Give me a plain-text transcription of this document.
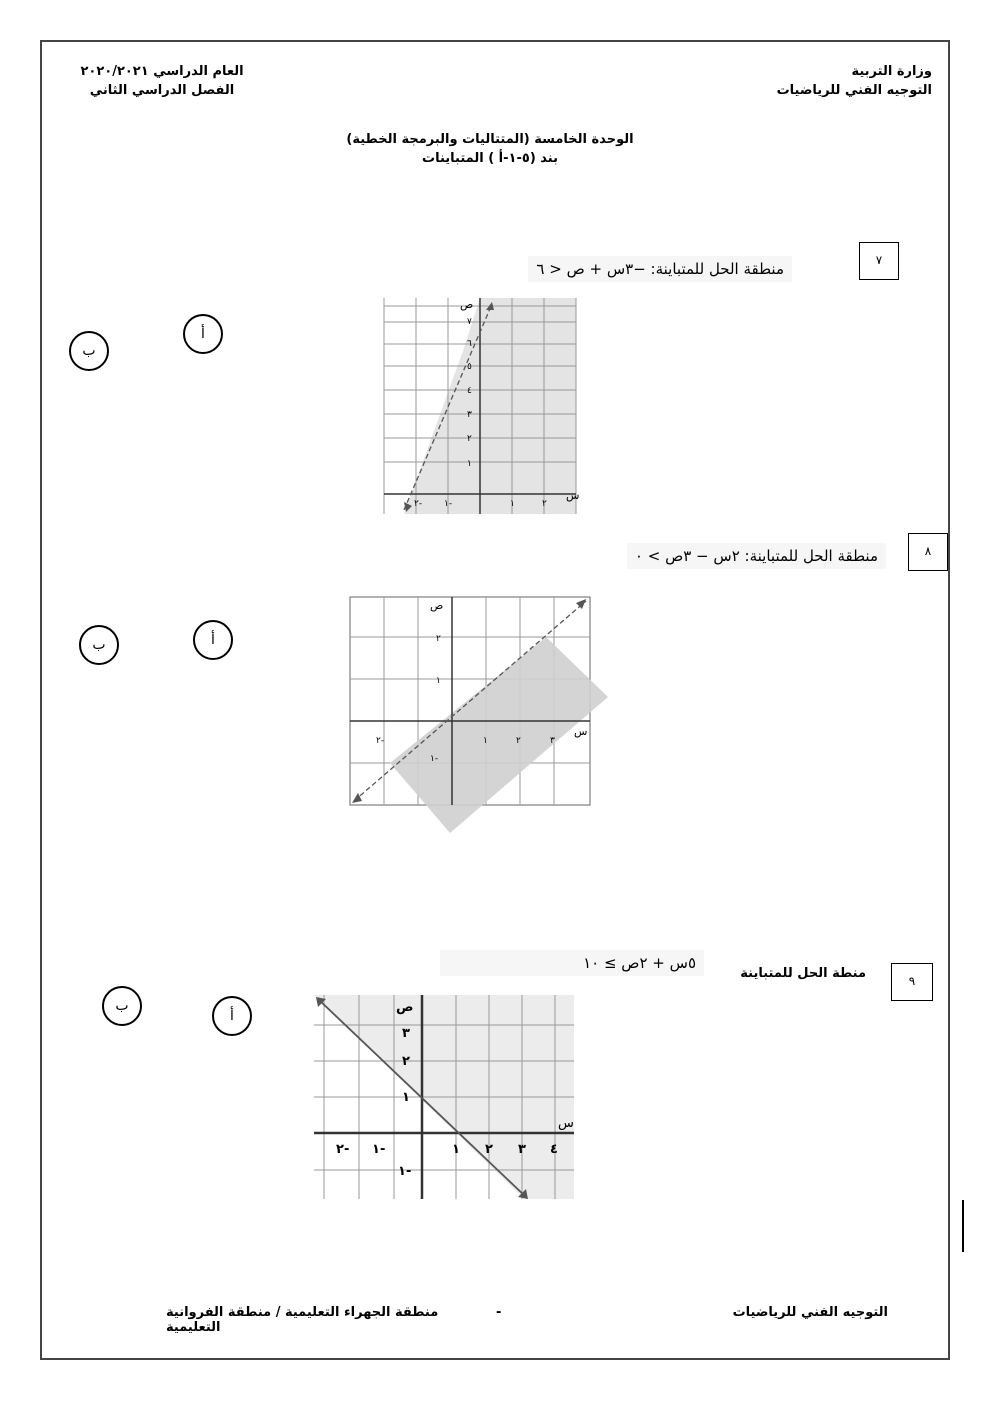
وزارة التربية
التوجيه الفني للرياضيات
العام الدراسي ٢٠٢٠/٢٠٢١
الفصل الدراسي الثاني
الوحدة الخامسة (المتتاليات والبرمجة الخطية)
بند (٥-١-أ ) المتباينات
٧
منطقة الحل للمتباينة: −٣س + ص < ٦
أ
ب
س
ص
٢- ١-	١	٢
١
٢
٣
٤
٥
٦
٧
٨
منطقة الحل للمتباينة: ٢س − ٣ص > ٠
أ
ب
س
ص
٢-	١	٢	٣
١
٢
١-
٩
منطة الحل للمتباينة
٥س + ٢ص ≥ ١٠
أ
ب
س
ص
٢- ١-	١ ٢ ٣ ٤
١
٢
٣
١-
التوجيه الفني للرياضيات
-
منطقة الجهراء التعليمية / منطقة الفروانية التعليمية
